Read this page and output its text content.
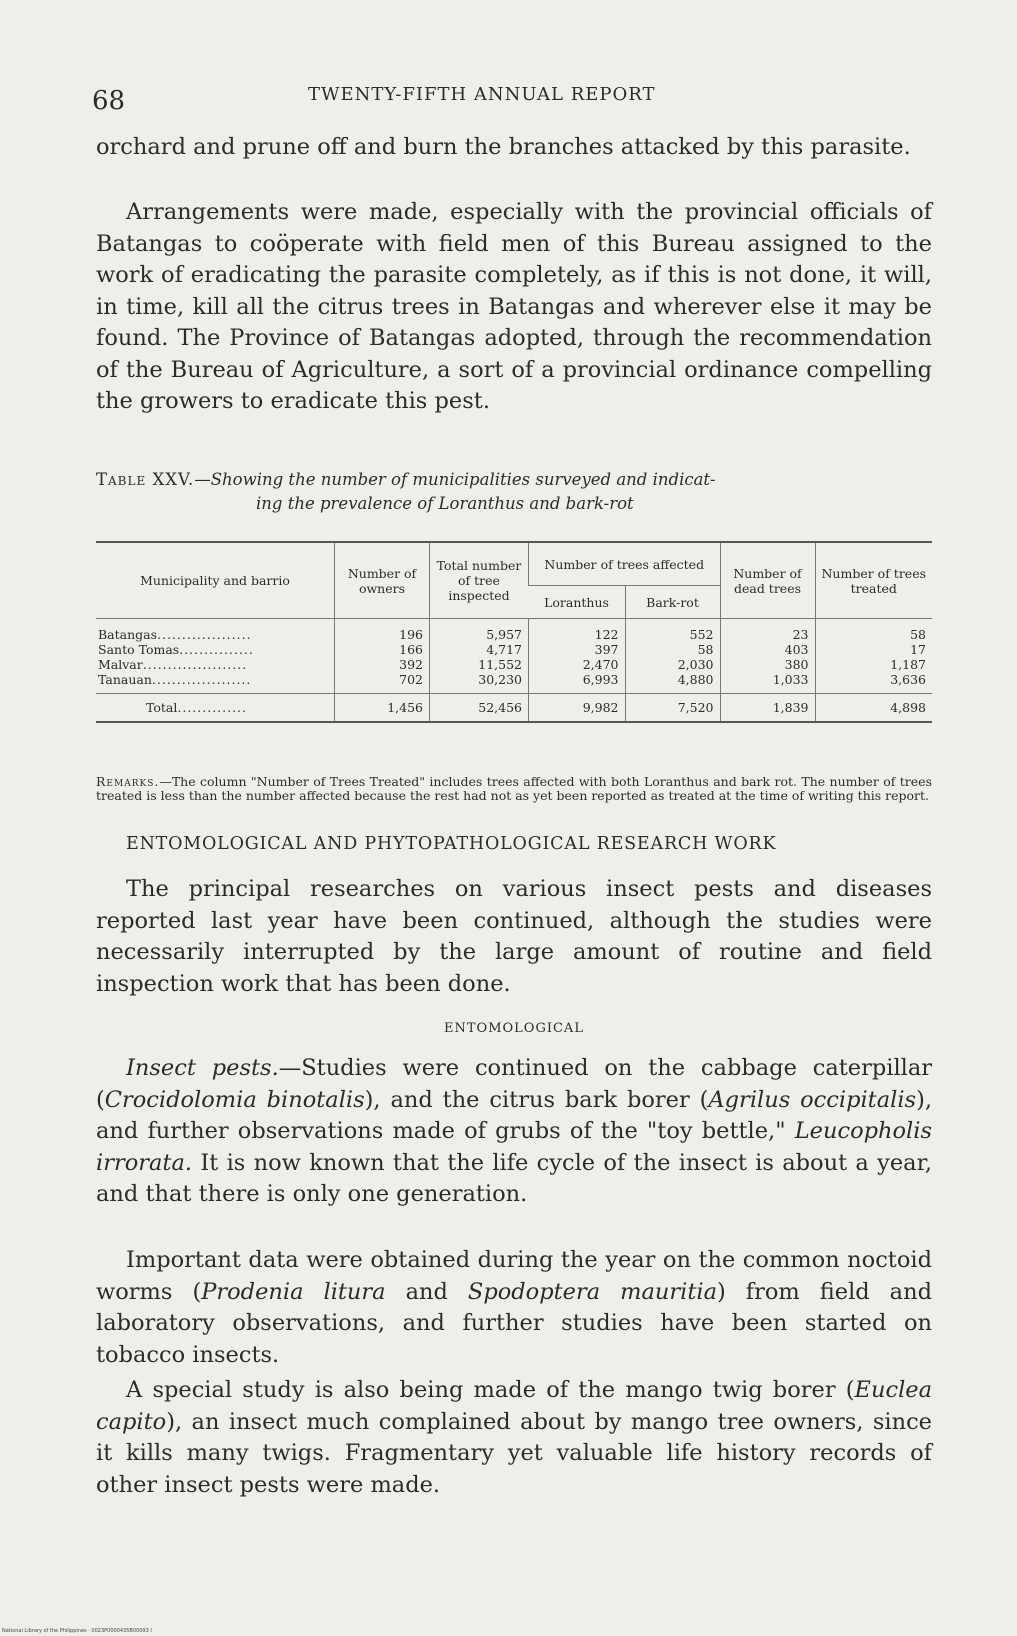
68	TWENTY-FIFTH ANNUAL REPORT

orchard and prune off and burn the branches attacked by this parasite.

Arrangements were made, especially with the provincial officials of Batangas to coöperate with field men of this Bureau assigned to the work of eradicating the parasite completely, as if this is not done, it will, in time, kill all the citrus trees in Batangas and wherever else it may be found. The Province of Batangas adopted, through the recommendation of the Bureau of Agriculture, a sort of a provincial ordinance compelling the growers to eradicate this pest.

Table XXV.—Showing the number of municipalities surveyed and indicat-
ing the prevalence of Loranthus and bark-rot
Municipality and barrio	Number of owners	Total number of tree inspected	Number of trees affected		Number of dead trees	Number of trees treated
			Loranthus	Bark-rot		
Batangas...................	196	5,957	122	552	23	58
Santo Tomas...............	166	4,717	397	58	403	17
Malvar.....................	392	11,552	2,470	2,030	380	1,187
Tanauan....................	702	30,230	6,993	4,880	1,033	3,636
Total..............	1,456	52,456	9,982	7,520	1,839	4,898

Remarks.—The column "Number of Trees Treated" includes trees affected with both Loranthus and bark rot. The number of trees treated is less than the number affected because the rest had not as yet been reported as treated at the time of writing this report.

ENTOMOLOGICAL AND PHYTOPATHOLOGICAL RESEARCH WORK

The principal researches on various insect pests and diseases reported last year have been continued, although the studies were necessarily interrupted by the large amount of routine and field inspection work that has been done.

ENTOMOLOGICAL

Insect pests.—Studies were continued on the cabbage caterpillar (Crocidolomia binotalis), and the citrus bark borer (Agrilus occipitalis), and further observations made of grubs of the "toy bettle," Leucopholis irrorata. It is now known that the life cycle of the insect is about a year, and that there is only one generation.

Important data were obtained during the year on the common noctoid worms (Prodenia litura and Spodoptera mauritia) from field and laboratory observations, and further studies have been started on tobacco insects.

A special study is also being made of the mango twig borer (Euclea capito), an insect much complained about by mango tree owners, since it kills many twigs. Fragmentary yet valuable life history records of other insect pests were made.

National Library of the Philippines · 0023P0000435B00093 I
